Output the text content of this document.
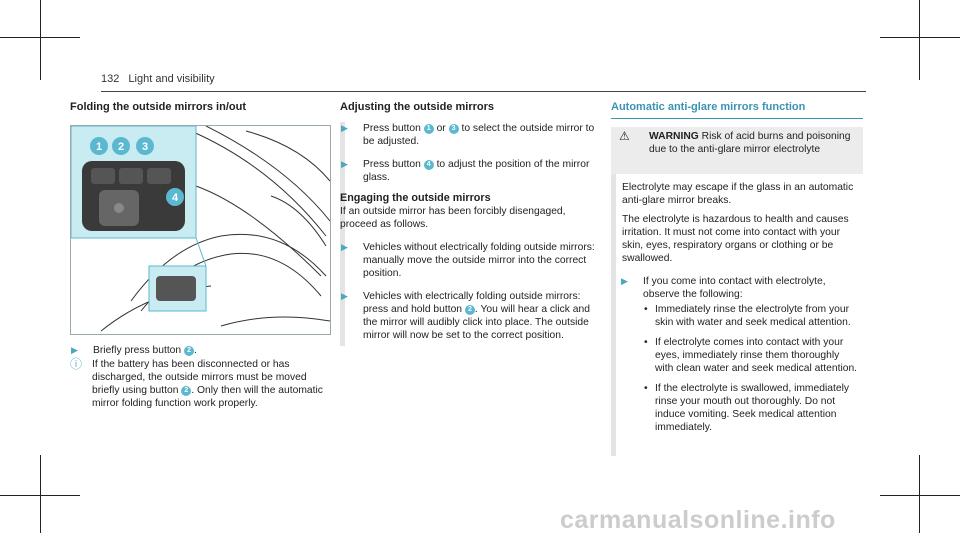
132 Light and visibility
Folding the outside mirrors in/out
1 2 3
4
▶	Briefly press button 2 .
ⓘ If the battery has been disconnected or has discharged, the outside mirrors must be moved briefly using button 2 . Only then will the automatic mirror folding function work properly.
Adjusting the outside mirrors
▶	Press button 1 or 3 to select the outside mirror to be adjusted.
▶	Press button 4 to adjust the position of the mirror glass.
Engaging the outside mirrors
If an outside mirror has been forcibly disengaged, proceed as follows.
▶	Vehicles without electrically folding outside mirrors: manually move the outside mirror into the correct position.
▶	Vehicles with electrically folding outside mirrors: press and hold button 2 . You will hear a click and the mirror will audibly click into place. The outside mirror will now be set to the correct position.
Automatic anti-glare mirrors function
⚠	WARNING Risk of acid burns and poisoning due to the anti-glare mirror electrolyte
Electrolyte may escape if the glass in an automatic anti-glare mirror breaks.
The electrolyte is hazardous to health and causes irritation. It must not come into contact with your skin, eyes, respiratory organs or clothing or be swallowed.
▶	If you come into contact with electrolyte, observe the following:
• Immediately rinse the electrolyte from your skin with water and seek medical attention.
• If electrolyte comes into contact with your eyes, immediately rinse them thoroughly with clean water and seek medical attention.
• If the electrolyte is swallowed, immediately rinse your mouth out thoroughly. Do not induce vomiting. Seek medical attention immediately.
carmanualsonline.info
